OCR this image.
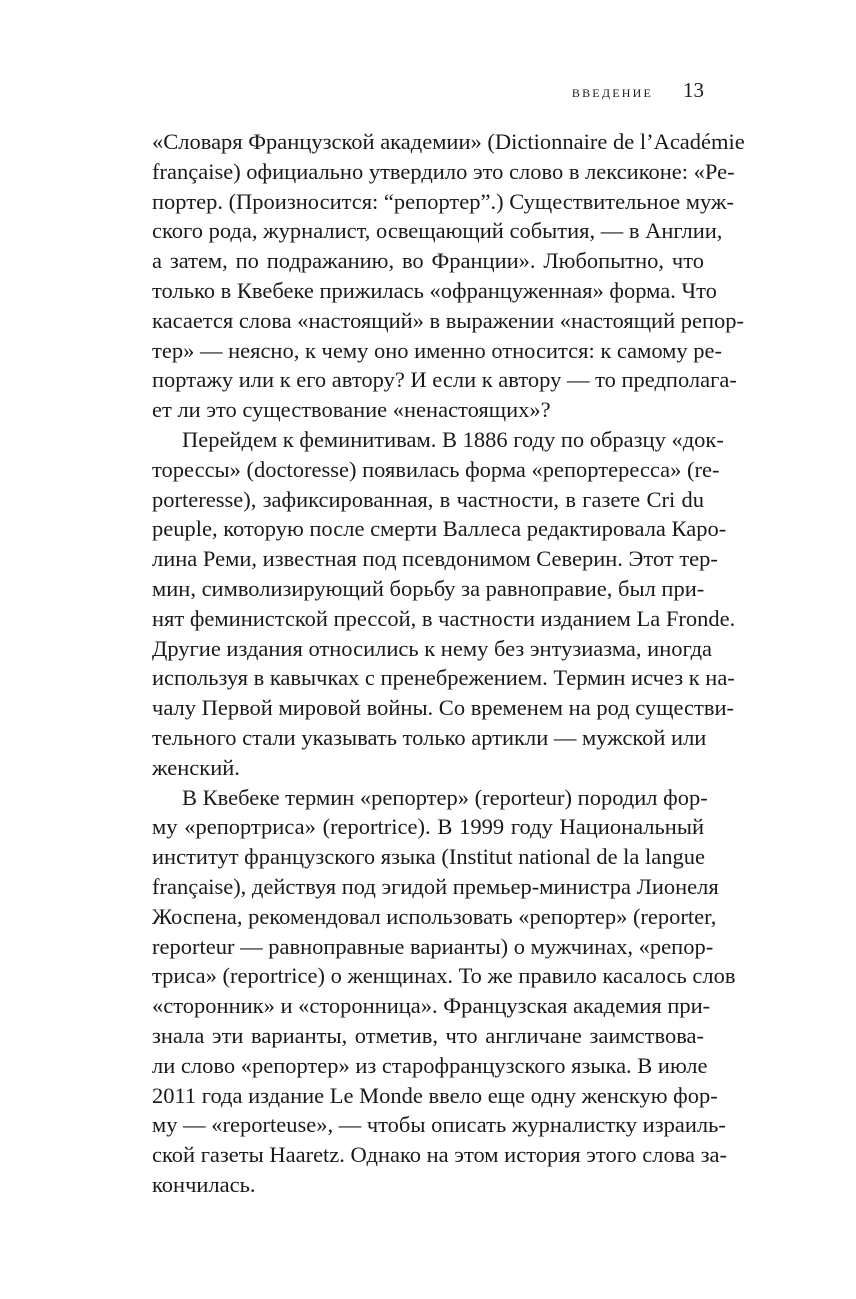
введение 13
«Словаря Французской академии» (Dictionnaire de l’Académie
française) официально утвердило это слово в лексиконе: «Ре-
портер. (Произносится: “репортер”.) Существительное муж-
ского рода, журналист, освещающий события, — в Англии,
а затем, по подражанию, во Франции». Любопытно, что
только в Квебеке прижилась «офранцуженная» форма. Что
касается слова «настоящий» в выражении «настоящий репор-
тер» — неясно, к чему оно именно относится: к самому ре-
портажу или к его автору? И если к автору — то предполага-
ет ли это существование «ненастоящих»?
Перейдем к феминитивам. В 1886 году по образцу «док-
торессы» (doctoresse) появилась форма «репортересса» (re-
porteresse), зафиксированная, в частности, в газете Cri du
peuple, которую после смерти Валлеса редактировала Каро-
лина Реми, известная под псевдонимом Северин. Этот тер-
мин, символизирующий борьбу за равноправие, был при-
нят феминистской прессой, в частности изданием La Fronde.
Другие издания относились к нему без энтузиазма, иногда
используя в кавычках с пренебрежением. Термин исчез к на-
чалу Первой мировой войны. Со временем на род существи-
тельного стали указывать только артикли — мужской или
женский.
В Квебеке термин «репортер» (reporteur) породил фор-
му «репортриса» (reportrice). В 1999 году Национальный
институт французского языка (Institut national de la langue
française), действуя под эгидой премьер-министра Лионеля
Жоспена, рекомендовал использовать «репортер» (reporter,
reporteur — равноправные варианты) о мужчинах, «репор-
триса» (reportrice) о женщинах. То же правило касалось слов
«сторонник» и «сторонница». Французская академия при-
знала эти варианты, отметив, что англичане заимствова-
ли слово «репортер» из старофранцузского языка. В июле
2011 года издание Le Monde ввело еще одну женскую фор-
му — «reporteuse», — чтобы описать журналистку израиль-
ской газеты Haaretz. Однако на этом история этого слова за-
кончилась.
